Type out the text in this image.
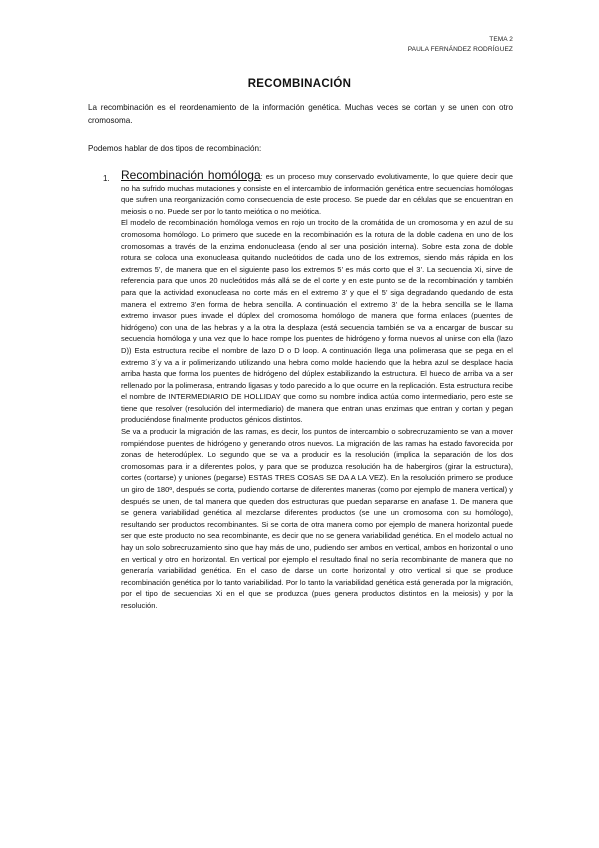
TEMA 2
PAULA FERNÁNDEZ RODRÍGUEZ
RECOMBINACIÓN
La recombinación es el reordenamiento de la información genética. Muchas veces se cortan y se unen con otro cromosoma.
Podemos hablar de dos tipos de recombinación:
1. Recombinación homóloga: es un proceso muy conservado evolutivamente, lo que quiere decir que no ha sufrido muchas mutaciones y consiste en el intercambio de información genética entre secuencias homólogas que sufren una reorganización como consecuencia de este proceso. Se puede dar en células que se encuentran en meiosis o no. Puede ser por lo tanto meiótica o no meiótica.

El modelo de recombinación homóloga vemos en rojo un trocito de la cromátida de un cromosoma y en azul de su cromosoma homólogo. Lo primero que sucede en la recombinación es la rotura de la doble cadena en uno de los cromosomas a través de la enzima endonucleasa (endo al ser una posición interna). Sobre esta zona de doble rotura se coloca una exonucleasa quitando nucleótidos de cada uno de los extremos, siendo más rápida en los extremos 5’, de manera que en el siguiente paso los extremos 5’ es más corto que el 3’. La secuencia Xi, sirve de referencia para que unos 20 nucleótidos más allá se de el corte y en este punto se de la recombinación y también para que la actividad exonucleasa no corte más en el extremo 3’ y que el 5’ siga degradando quedando de esta manera el extremo 3’en forma de hebra sencilla. A continuación el extremo 3’ de la hebra sencilla se le llama extremo invasor pues invade el dúplex del cromosoma homólogo de manera que forma enlaces (puentes de hidrógeno) con una de las hebras y a la otra la desplaza (está secuencia también se va a encargar de buscar su secuencia homóloga y una vez que lo hace rompe los puentes de hidrógeno y forma nuevos al unirse con ella (lazo D)) Esta estructura recibe el nombre de lazo D o D loop. A continuación llega una polimerasa que se pega en el extremo 3´y va a ir polimerizando utilizando una hebra como molde haciendo que la hebra azul se desplace hacia arriba hasta que forma los puentes de hidrógeno del dúplex estabilizando la estructura. El hueco de arriba va a ser rellenado por la polimerasa, entrando ligasas y todo parecido a lo que ocurre en la replicación. Esta estructura recibe el nombre de INTERMEDIARIO DE HOLLIDAY que como su nombre indica actúa como intermediario, pero este se tiene que resolver (resolución del intermediario) de manera que entran unas enzimas que entran y cortan y pegan produciéndose finalmente productos génicos distintos.

Se va a producir la migración de las ramas, es decir, los puntos de intercambio o sobrecruzamiento se van a mover rompiéndose puentes de hidrógeno y generando otros nuevos. La migración de las ramas ha estado favorecida por zonas de heterodúplex. Lo segundo que se va a producir es la resolución (implica la separación de los dos cromosomas para ir a diferentes polos, y para que se produzca resolución ha de habergiros (girar la estructura), cortes (cortarse) y uniones (pegarse) ESTAS TRES COSAS SE DA A LA VEZ). En la resolución primero se produce un giro de 180º, después se corta, pudiendo cortarse de diferentes maneras (como por ejemplo de manera vertical) y después se unen, de tal manera que queden dos estructuras que puedan separarse en anafase 1. De manera que se genera variabilidad genética al mezclarse diferentes productos (se une un cromosoma con su homólogo), resultando ser productos recombinantes. Si se corta de otra manera como por ejemplo de manera horizontal puede ser que este producto no sea recombinante, es decir que no se genera variabilidad genética. En el modelo actual no hay un solo sobrecruzamiento sino que hay más de uno, pudiendo ser ambos en vertical, ambos en horizontal o uno en vertical y otro en horizontal. En vertical por ejemplo el resultado final no sería recombinante de manera que no generaría variabilidad genética. En el caso de darse un corte horizontal y otro vertical si que se produce recombinación genética por lo tanto variabilidad. Por lo tanto la variabilidad genética está generada por la migración, por el tipo de secuencias Xi en el que se produzca (pues genera productos distintos en la meiosis) y por la resolución.
